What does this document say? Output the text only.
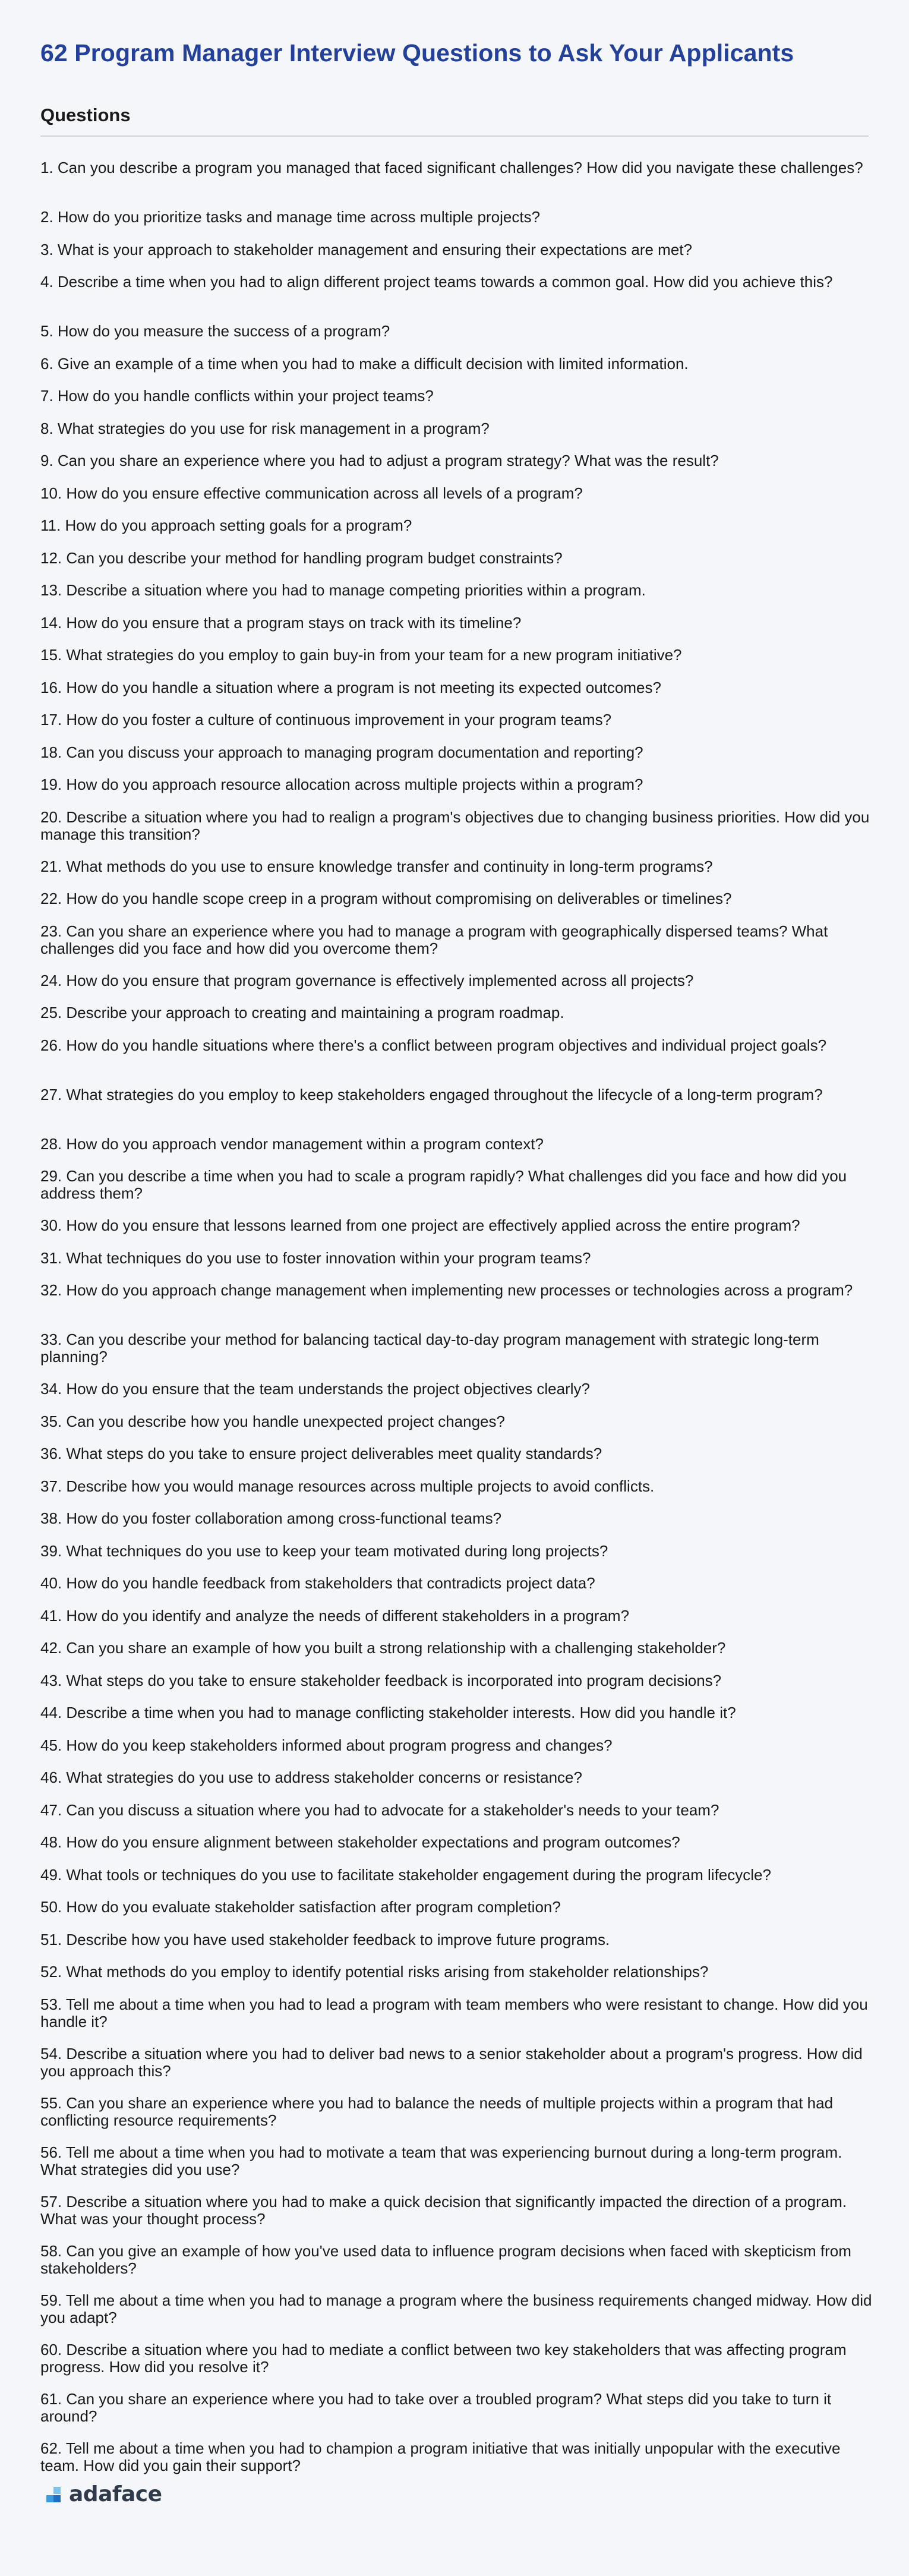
62 Program Manager Interview Questions to Ask Your Applicants
Questions
1. Can you describe a program you managed that faced significant challenges? How did you navigate these challenges?
2. How do you prioritize tasks and manage time across multiple projects?
3. What is your approach to stakeholder management and ensuring their expectations are met?
4. Describe a time when you had to align different project teams towards a common goal. How did you achieve this?
5. How do you measure the success of a program?
6. Give an example of a time when you had to make a difficult decision with limited information.
7. How do you handle conflicts within your project teams?
8. What strategies do you use for risk management in a program?
9. Can you share an experience where you had to adjust a program strategy? What was the result?
10. How do you ensure effective communication across all levels of a program?
11. How do you approach setting goals for a program?
12. Can you describe your method for handling program budget constraints?
13. Describe a situation where you had to manage competing priorities within a program.
14. How do you ensure that a program stays on track with its timeline?
15. What strategies do you employ to gain buy-in from your team for a new program initiative?
16. How do you handle a situation where a program is not meeting its expected outcomes?
17. How do you foster a culture of continuous improvement in your program teams?
18. Can you discuss your approach to managing program documentation and reporting?
19. How do you approach resource allocation across multiple projects within a program?
20. Describe a situation where you had to realign a program's objectives due to changing business priorities. How did you manage this transition?
21. What methods do you use to ensure knowledge transfer and continuity in long-term programs?
22. How do you handle scope creep in a program without compromising on deliverables or timelines?
23. Can you share an experience where you had to manage a program with geographically dispersed teams? What challenges did you face and how did you overcome them?
24. How do you ensure that program governance is effectively implemented across all projects?
25. Describe your approach to creating and maintaining a program roadmap.
26. How do you handle situations where there's a conflict between program objectives and individual project goals?
27. What strategies do you employ to keep stakeholders engaged throughout the lifecycle of a long-term program?
28. How do you approach vendor management within a program context?
29. Can you describe a time when you had to scale a program rapidly? What challenges did you face and how did you address them?
30. How do you ensure that lessons learned from one project are effectively applied across the entire program?
31. What techniques do you use to foster innovation within your program teams?
32. How do you approach change management when implementing new processes or technologies across a program?
33. Can you describe your method for balancing tactical day-to-day program management with strategic long-term planning?
34. How do you ensure that the team understands the project objectives clearly?
35. Can you describe how you handle unexpected project changes?
36. What steps do you take to ensure project deliverables meet quality standards?
37. Describe how you would manage resources across multiple projects to avoid conflicts.
38. How do you foster collaboration among cross-functional teams?
39. What techniques do you use to keep your team motivated during long projects?
40. How do you handle feedback from stakeholders that contradicts project data?
41. How do you identify and analyze the needs of different stakeholders in a program?
42. Can you share an example of how you built a strong relationship with a challenging stakeholder?
43. What steps do you take to ensure stakeholder feedback is incorporated into program decisions?
44. Describe a time when you had to manage conflicting stakeholder interests. How did you handle it?
45. How do you keep stakeholders informed about program progress and changes?
46. What strategies do you use to address stakeholder concerns or resistance?
47. Can you discuss a situation where you had to advocate for a stakeholder's needs to your team?
48. How do you ensure alignment between stakeholder expectations and program outcomes?
49. What tools or techniques do you use to facilitate stakeholder engagement during the program lifecycle?
50. How do you evaluate stakeholder satisfaction after program completion?
51. Describe how you have used stakeholder feedback to improve future programs.
52. What methods do you employ to identify potential risks arising from stakeholder relationships?
53. Tell me about a time when you had to lead a program with team members who were resistant to change. How did you handle it?
54. Describe a situation where you had to deliver bad news to a senior stakeholder about a program's progress. How did you approach this?
55. Can you share an experience where you had to balance the needs of multiple projects within a program that had conflicting resource requirements?
56. Tell me about a time when you had to motivate a team that was experiencing burnout during a long-term program. What strategies did you use?
57. Describe a situation where you had to make a quick decision that significantly impacted the direction of a program. What was your thought process?
58. Can you give an example of how you've used data to influence program decisions when faced with skepticism from stakeholders?
59. Tell me about a time when you had to manage a program where the business requirements changed midway. How did you adapt?
60. Describe a situation where you had to mediate a conflict between two key stakeholders that was affecting program progress. How did you resolve it?
61. Can you share an experience where you had to take over a troubled program? What steps did you take to turn it around?
62. Tell me about a time when you had to champion a program initiative that was initially unpopular with the executive team. How did you gain their support?
adaface
